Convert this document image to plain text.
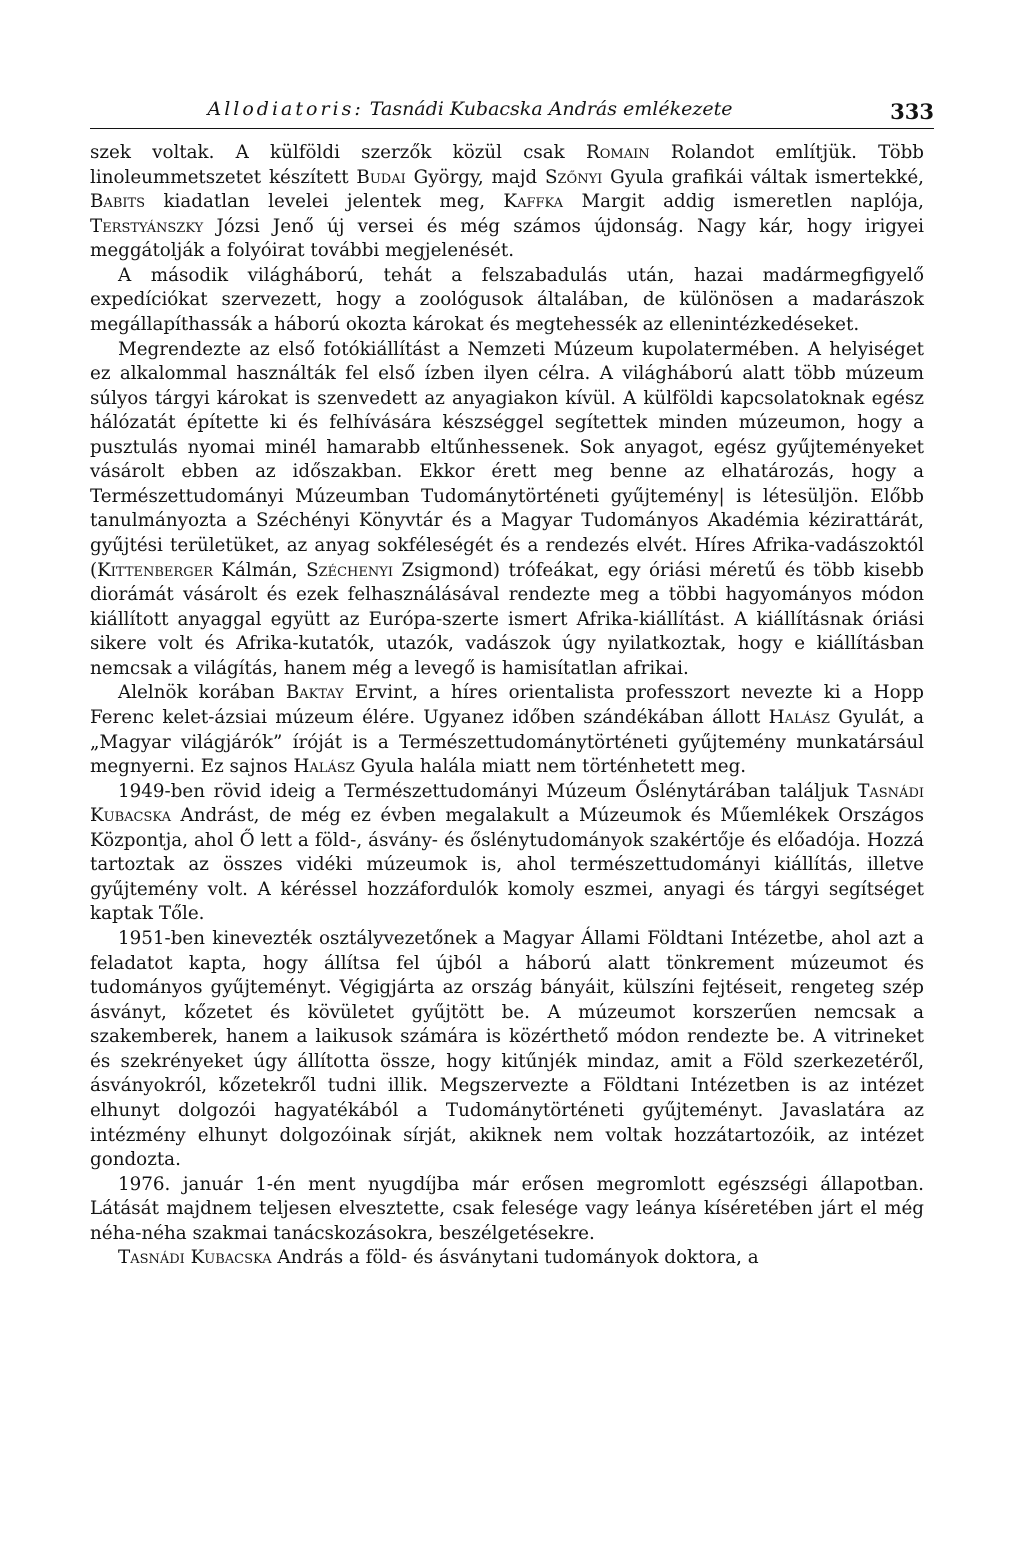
Allodiatoris: Tasnádi Kubacska András emlékezete	333

szek voltak. A külföldi szerzők közül csak Romain Rolandot említjük. Több linoleummetszetet készített Budai György, majd Szőnyi Gyula grafikái váltak ismertekké, Babits kiadatlan levelei jelentek meg, Kaffka Margit addig ismeretlen naplója, Terstyánszky Józsi Jenő új versei és még számos újdonság. Nagy kár, hogy irigyei meggátolják a folyóirat további megjelenését.

A második világháború, tehát a felszabadulás után, hazai madármegfigyelő expedíciókat szervezett, hogy a zoológusok általában, de különösen a madarászok megállapíthassák a háború okozta károkat és megtehessék az ellenintézkedéseket.

Megrendezte az első fotókiállítást a Nemzeti Múzeum kupolatermében. A helyiséget ez alkalommal használták fel első ízben ilyen célra. A világháború alatt több múzeum súlyos tárgyi károkat is szenvedett az anyagiakon kívül. A külföldi kapcsolatoknak egész hálózatát építette ki és felhívására készséggel segítettek minden múzeumon, hogy a pusztulás nyomai minél hamarabb eltűnhessenek. Sok anyagot, egész gyűjteményeket vásárolt ebben az időszakban. Ekkor érett meg benne az elhatározás, hogy a Természettudományi Múzeumban Tudománytörténeti gyűjtemény| is létesüljön. Előbb tanulmányozta a Széchényi Könyvtár és a Magyar Tudományos Akadémia kézirattárát, gyűjtési területüket, az anyag sokféleségét és a rendezés elvét. Híres Afrika-vadászoktól (Kittenberger Kálmán, Széchenyi Zsigmond) trófeákat, egy óriási méretű és több kisebb diorámát vásárolt és ezek felhasználásával rendezte meg a többi hagyományos módon kiállított anyaggal együtt az Európa-szerte ismert Afrika-kiállítást. A kiállításnak óriási sikere volt és Afrika-kutatók, utazók, vadászok úgy nyilatkoztak, hogy e kiállításban nemcsak a világítás, hanem még a levegő is hamisítatlan afrikai.

Alelnök korában Baktay Ervint, a híres orientalista professzort nevezte ki a Hopp Ferenc kelet-ázsiai múzeum élére. Ugyanez időben szándékában állott Halász Gyulát, a „Magyar világjárók” íróját is a Természettudománytörténeti gyűjtemény munkatársául megnyerni. Ez sajnos Halász Gyula halála miatt nem történhetett meg.

1949-ben rövid ideig a Természettudományi Múzeum Őslénytárában találjuk Tasnádi Kubacska Andrást, de még ez évben megalakult a Múzeumok és Műemlékek Országos Központja, ahol Ő lett a föld-, ásvány- és őslénytudományok szakértője és előadója. Hozzá tartoztak az összes vidéki múzeumok is, ahol természettudományi kiállítás, illetve gyűjtemény volt. A kéréssel hozzáfordulók komoly eszmei, anyagi és tárgyi segítséget kaptak Tőle.

1951-ben kinevezték osztályvezetőnek a Magyar Állami Földtani Intézetbe, ahol azt a feladatot kapta, hogy állítsa fel újból a háború alatt tönkrement múzeumot és tudományos gyűjteményt. Végigjárta az ország bányáit, külszíni fejtéseit, rengeteg szép ásványt, kőzetet és kövületet gyűjtött be. A múzeumot korszerűen nemcsak a szakemberek, hanem a laikusok számára is közérthető módon rendezte be. A vitrineket és szekrényeket úgy állította össze, hogy kitűnjék mindaz, amit a Föld szerkezetéről, ásványokról, kőzetekről tudni illik. Megszervezte a Földtani Intézetben is az intézet elhunyt dolgozói hagyatékából a Tudománytörténeti gyűjteményt. Javaslatára az intézmény elhunyt dolgozóinak sírját, akiknek nem voltak hozzátartozóik, az intézet gondozta.

1976. január 1-én ment nyugdíjba már erősen megromlott egészségi állapotban. Látását majdnem teljesen elvesztette, csak felesége vagy leánya kíséretében járt el még néha-néha szakmai tanácskozásokra, beszélgetésekre.

Tasnádi Kubacska András a föld- és ásványtani tudományok doktora, a
